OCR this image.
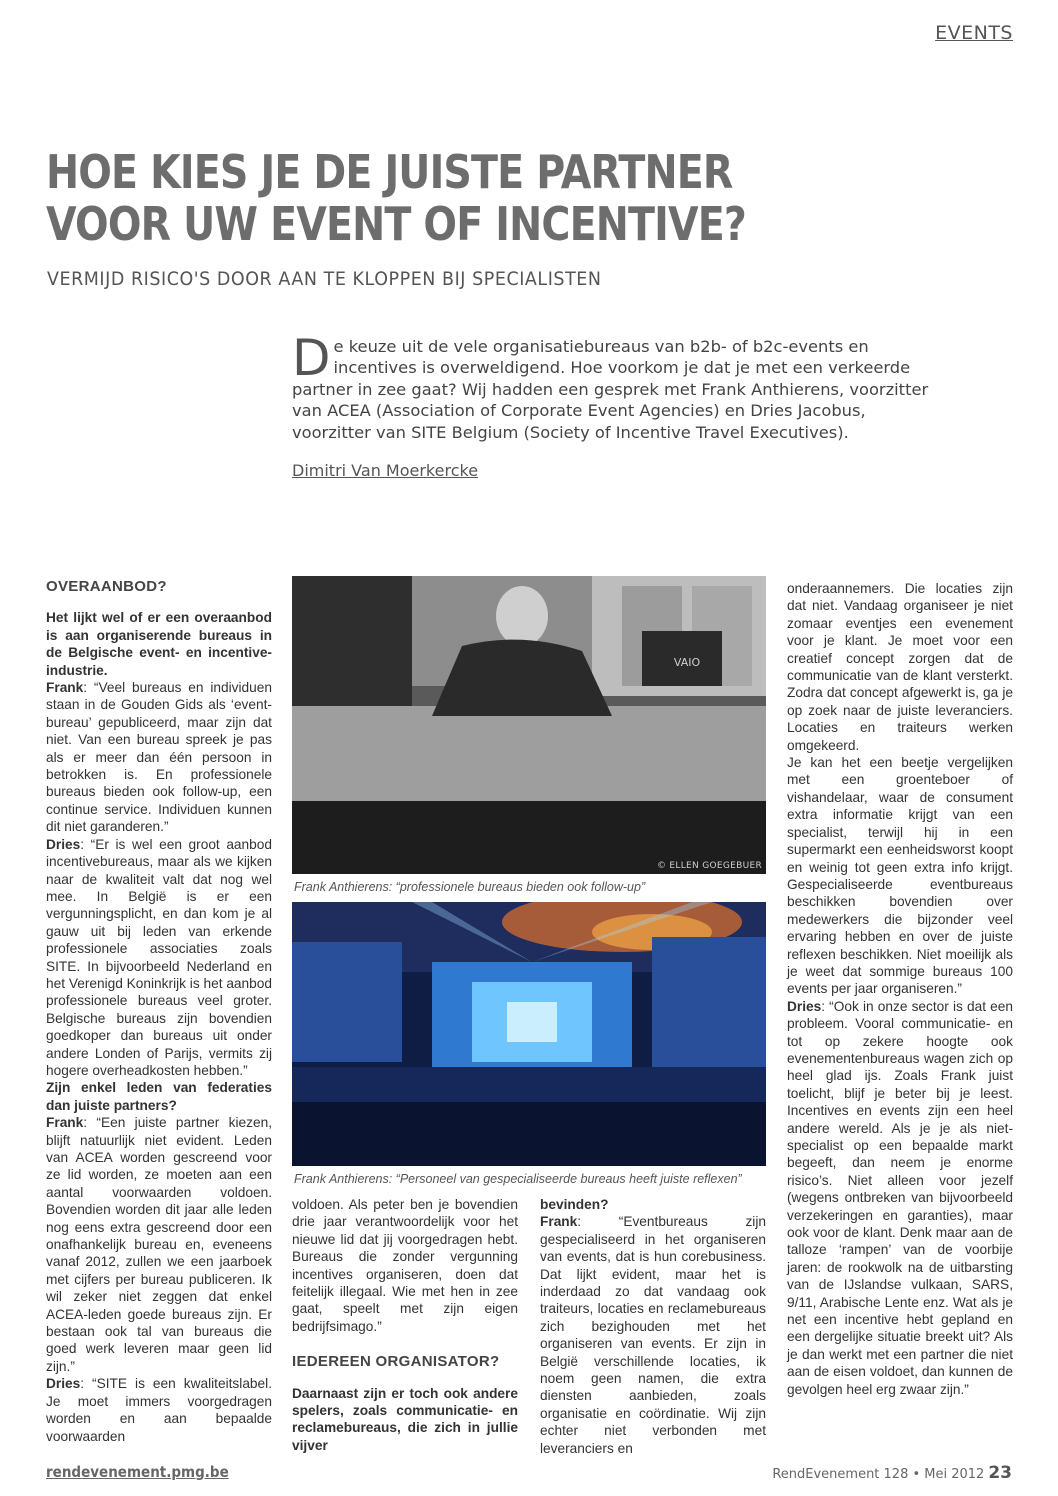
EVENTS
HOE KIES JE DE JUISTE PARTNER
VOOR UW EVENT OF INCENTIVE?
VERMIJD RISICO'S DOOR AAN TE KLOPPEN BIJ SPECIALISTEN
De keuze uit de vele organisatiebureaus van b2b- of b2c-events en incentives is overweldigend. Hoe voorkom je dat je met een verkeerde partner in zee gaat? Wij hadden een gesprek met Frank Anthierens, voorzitter van ACEA (Association of Corporate Event Agencies) en Dries Jacobus, voorzitter van SITE Belgium (Society of Incentive Travel Executives).
Dimitri Van Moerkercke
OVERAANBOD?

Het lijkt wel of er een overaanbod is aan organiserende bureaus in de Belgische event- en incentive-industrie.

Frank: “Veel bureaus en individuen staan in de Gouden Gids als ‘event-bureau’ gepubliceerd, maar zijn dat niet. Van een bureau spreek je pas als er meer dan één persoon in betrokken is. En professionele bureaus bieden ook follow-up, een continue service. Individuen kunnen dit niet garanderen.”

Dries: “Er is wel een groot aanbod incentivebureaus, maar als we kijken naar de kwaliteit valt dat nog wel mee. In België is er een vergunningsplicht, en dan kom je al gauw uit bij leden van erkende professionele associaties zoals SITE. In bijvoorbeeld Nederland en het Verenigd Koninkrijk is het aanbod professionele bureaus veel groter. Belgische bureaus zijn bovendien goedkoper dan bureaus uit onder andere Londen of Parijs, vermits zij hogere overheadkosten hebben.”

Zijn enkel leden van federaties dan juiste partners?

Frank: “Een juiste partner kiezen, blijft natuurlijk niet evident. Leden van ACEA worden gescreend voor ze lid worden, ze moeten aan een aantal voorwaarden voldoen. Bovendien worden dit jaar alle leden nog eens extra gescreend door een onafhankelijk bureau en, eveneens vanaf 2012, zullen we een jaarboek met cijfers per bureau publiceren. Ik wil zeker niet zeggen dat enkel ACEA-leden goede bureaus zijn. Er bestaan ook tal van bureaus die goed werk leveren maar geen lid zijn.”

Dries: “SITE is een kwaliteitslabel. Je moet immers voorgedragen worden en aan bepaalde voorwaarden

VAIO
© ELLEN GOEGEBUER
Frank Anthierens: “professionele bureaus bieden ook follow-up”
Frank Anthierens: “Personeel van gespecialiseerde bureaus heeft juiste reflexen”

voldoen. Als peter ben je bovendien drie jaar verantwoordelijk voor het nieuwe lid dat jij voorgedragen hebt. Bureaus die zonder vergunning incentives organiseren, doen dat feitelijk illegaal. Wie met hen in zee gaat, speelt met zijn eigen bedrijfsimago.”

IEDEREEN ORGANISATOR?

Daarnaast zijn er toch ook andere spelers, zoals communicatie- en reclamebureaus, die zich in jullie vijver

bevinden?

Frank: “Eventbureaus zijn gespecialiseerd in het organiseren van events, dat is hun corebusiness. Dat lijkt evident, maar het is inderdaad zo dat vandaag ook traiteurs, locaties en reclamebureaus zich bezighouden met het organiseren van events. Er zijn in België verschillende locaties, ik noem geen namen, die extra diensten aanbieden, zoals organisatie en coördinatie. Wij zijn echter niet verbonden met leveranciers en

onderaannemers. Die locaties zijn dat niet. Vandaag organiseer je niet zomaar eventjes een evenement voor je klant. Je moet voor een creatief concept zorgen dat de communicatie van de klant versterkt. Zodra dat concept afgewerkt is, ga je op zoek naar de juiste leveranciers. Locaties en traiteurs werken omgekeerd.

Je kan het een beetje vergelijken met een groenteboer of vishandelaar, waar de consument extra informatie krijgt van een specialist, terwijl hij in een supermarkt een eenheidsworst koopt en weinig tot geen extra info krijgt. Gespecialiseerde eventbureaus beschikken bovendien over medewerkers die bijzonder veel ervaring hebben en over de juiste reflexen beschikken. Niet moeilijk als je weet dat sommige bureaus 100 events per jaar organiseren.”

Dries: “Ook in onze sector is dat een probleem. Vooral communicatie- en tot op zekere hoogte ook evenementenbureaus wagen zich op heel glad ijs. Zoals Frank juist toelicht, blijf je beter bij je leest. Incentives en events zijn een heel andere wereld. Als je je als niet-specialist op een bepaalde markt begeeft, dan neem je enorme risico’s. Niet alleen voor jezelf (wegens ontbreken van bijvoorbeeld verzekeringen en garanties), maar ook voor de klant. Denk maar aan de talloze ‘rampen’ van de voorbije jaren: de rookwolk na de uitbarsting van de IJslandse vulkaan, SARS, 9/11, Arabische Lente enz. Wat als je net een incentive hebt gepland en een dergelijke situatie breekt uit? Als je dan werkt met een partner die niet aan de eisen voldoet, dan kunnen de gevolgen heel erg zwaar zijn.”

rendevenement.pmg.be	RendEvenement 128 • Mei 2012 23
